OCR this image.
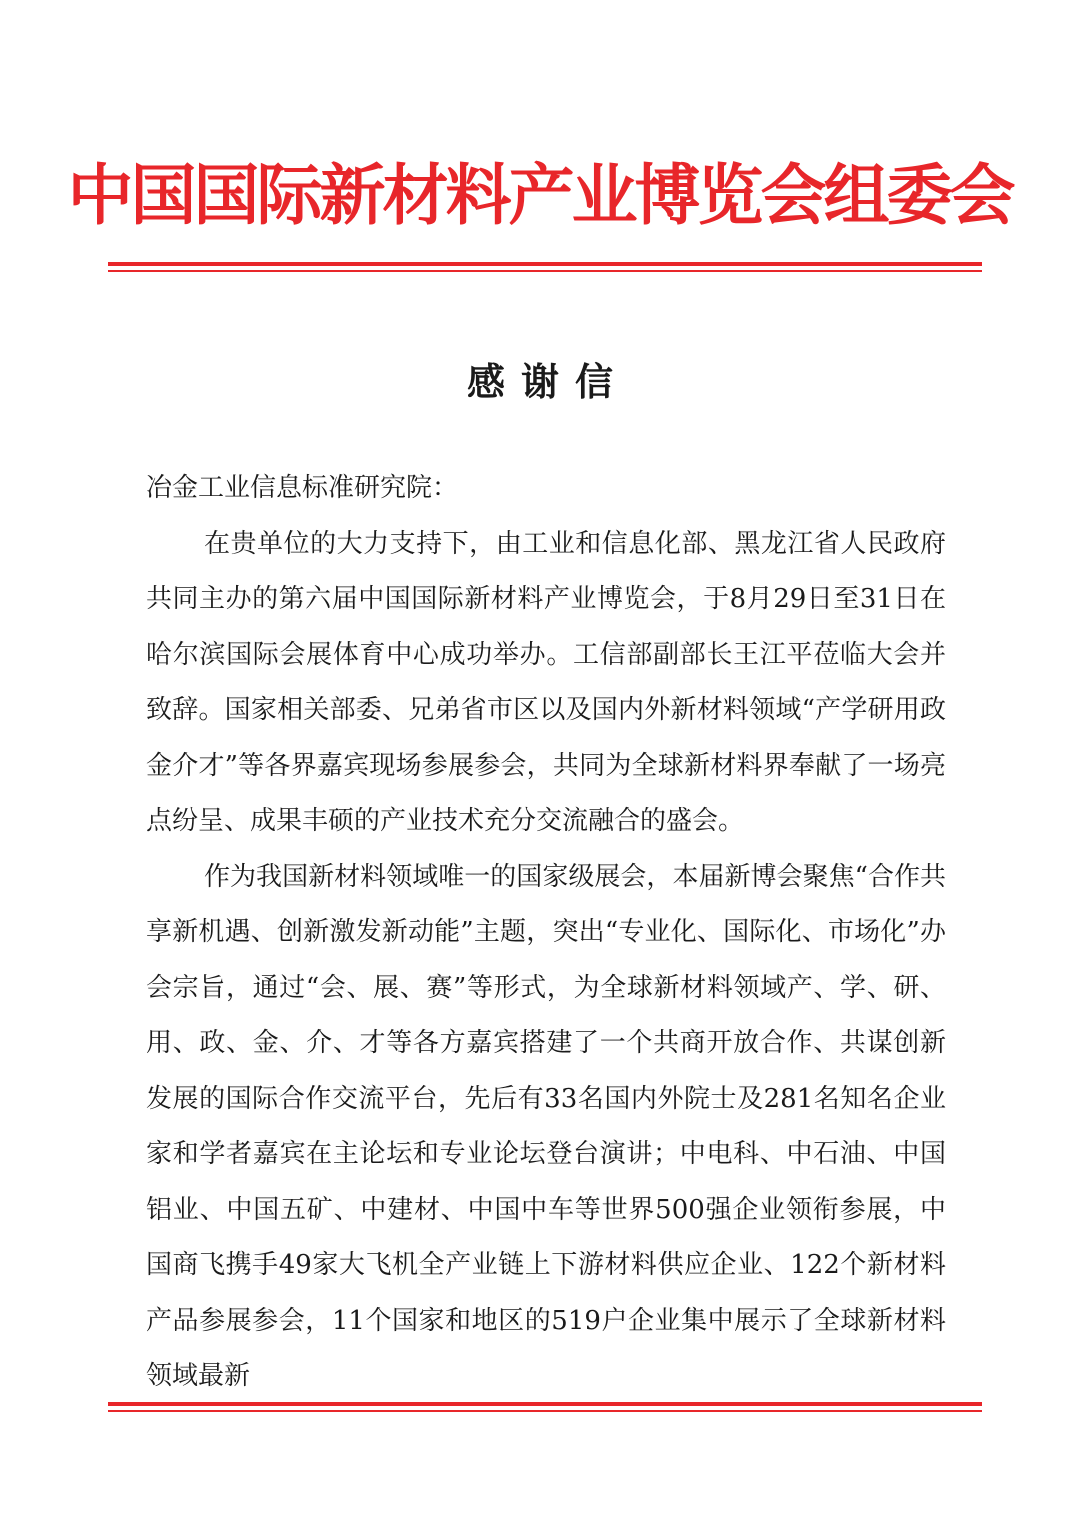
中国国际新材料产业博览会组委会
感谢信

冶金工业信息标准研究院：

在贵单位的大力支持下，由工业和信息化部、黑龙江省人民政府共同主办的第六届中国国际新材料产业博览会，于8月29日至31日在哈尔滨国际会展体育中心成功举办。工信部副部长王江平莅临大会并致辞。国家相关部委、兄弟省市区以及国内外新材料领域“产学研用政金介才”等各界嘉宾现场参展参会，共同为全球新材料界奉献了一场亮点纷呈、成果丰硕的产业技术充分交流融合的盛会。

作为我国新材料领域唯一的国家级展会，本届新博会聚焦“合作共享新机遇、创新激发新动能”主题，突出“专业化、国际化、市场化”办会宗旨，通过“会、展、赛”等形式，为全球新材料领域产、学、研、用、政、金、介、才等各方嘉宾搭建了一个共商开放合作、共谋创新发展的国际合作交流平台，先后有33名国内外院士及281名知名企业家和学者嘉宾在主论坛和专业论坛登台演讲；中电科、中石油、中国铝业、中国五矿、中建材、中国中车等世界500强企业领衔参展，中国商飞携手49家大飞机全产业链上下游材料供应企业、122个新材料产品参展参会，11个国家和地区的519户企业集中展示了全球新材料领域最新
